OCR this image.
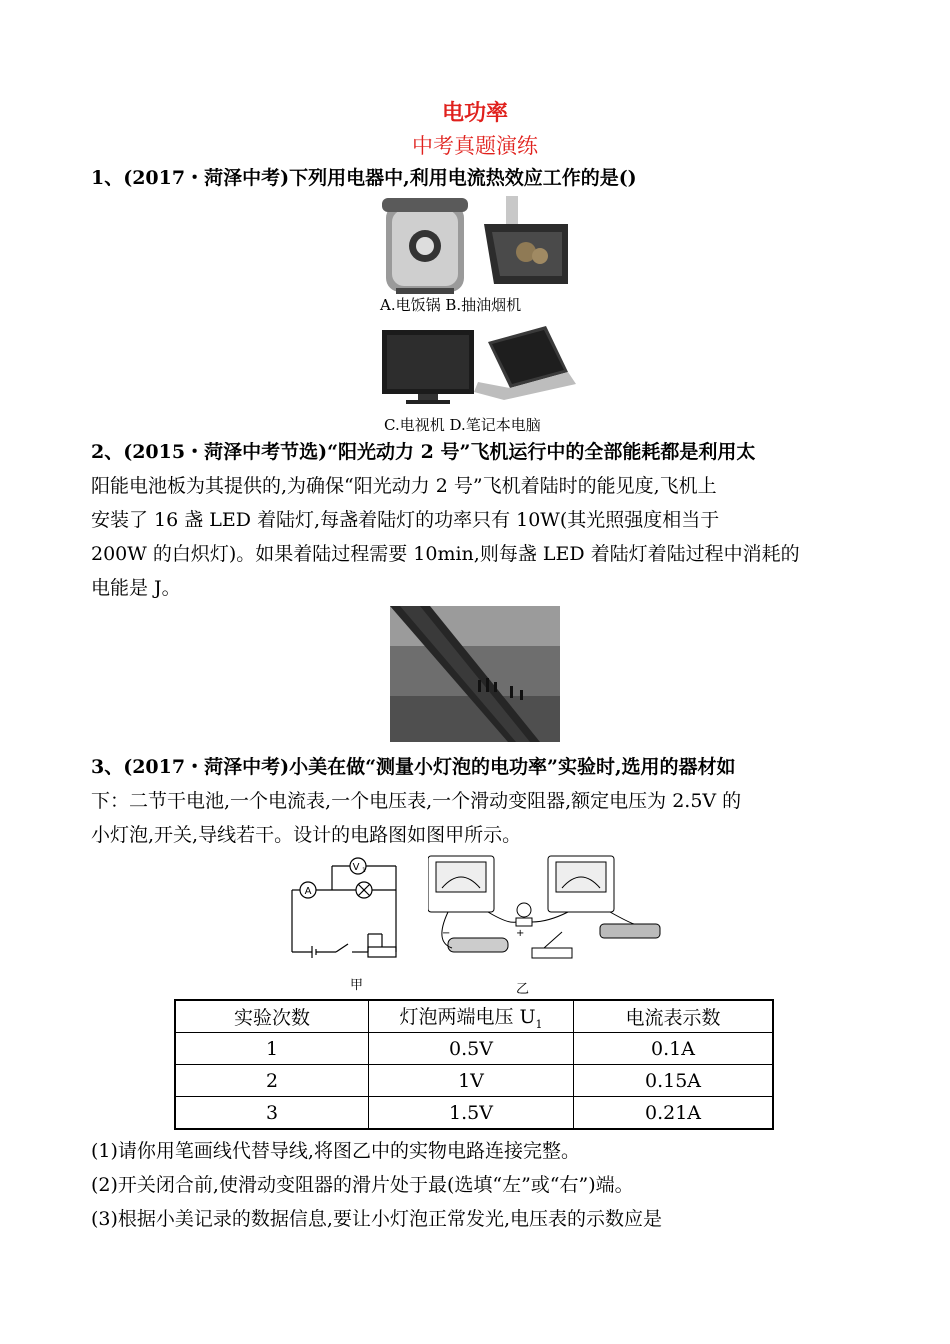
电功率
中考真题演练
1、(2017・菏泽中考)下列用电器中,利用电流热效应工作的是()
A.电饭锅 B.抽油烟机
C.电视机 D.笔记本电脑
2、(2015・菏泽中考节选)“阳光动力 2 号”飞机运行中的全部能耗都是利用太
阳能电池板为其提供的,为确保“阳光动力 2 号”飞机着陆时的能见度,飞机上
安装了 16 盏 LED 着陆灯,每盏着陆灯的功率只有 10W(其光照强度相当于
200W 的白炽灯)。如果着陆过程需要 10min,则每盏 LED 着陆灯着陆过程中消耗的
电能是 J。
3、(2017・菏泽中考)小美在做“测量小灯泡的电功率”实验时,选用的器材如
下：二节干电池,一个电流表,一个电压表,一个滑动变阻器,额定电压为 2.5V 的
小灯泡,开关,导线若干。设计的电路图如图甲所示。
A
V 1
甲
−	+
乙
实验次数	灯泡两端电压 $U_1$	电流表示数
1	0.5V	0.1A
2	1V	0.15A
3	1.5V	0.21A
(1)请你用笔画线代替导线,将图乙中的实物电路连接完整。
(2)开关闭合前,使滑动变阻器的滑片处于最(选填“左”或“右”)端。
(3)根据小美记录的数据信息,要让小灯泡正常发光,电压表的示数应是
